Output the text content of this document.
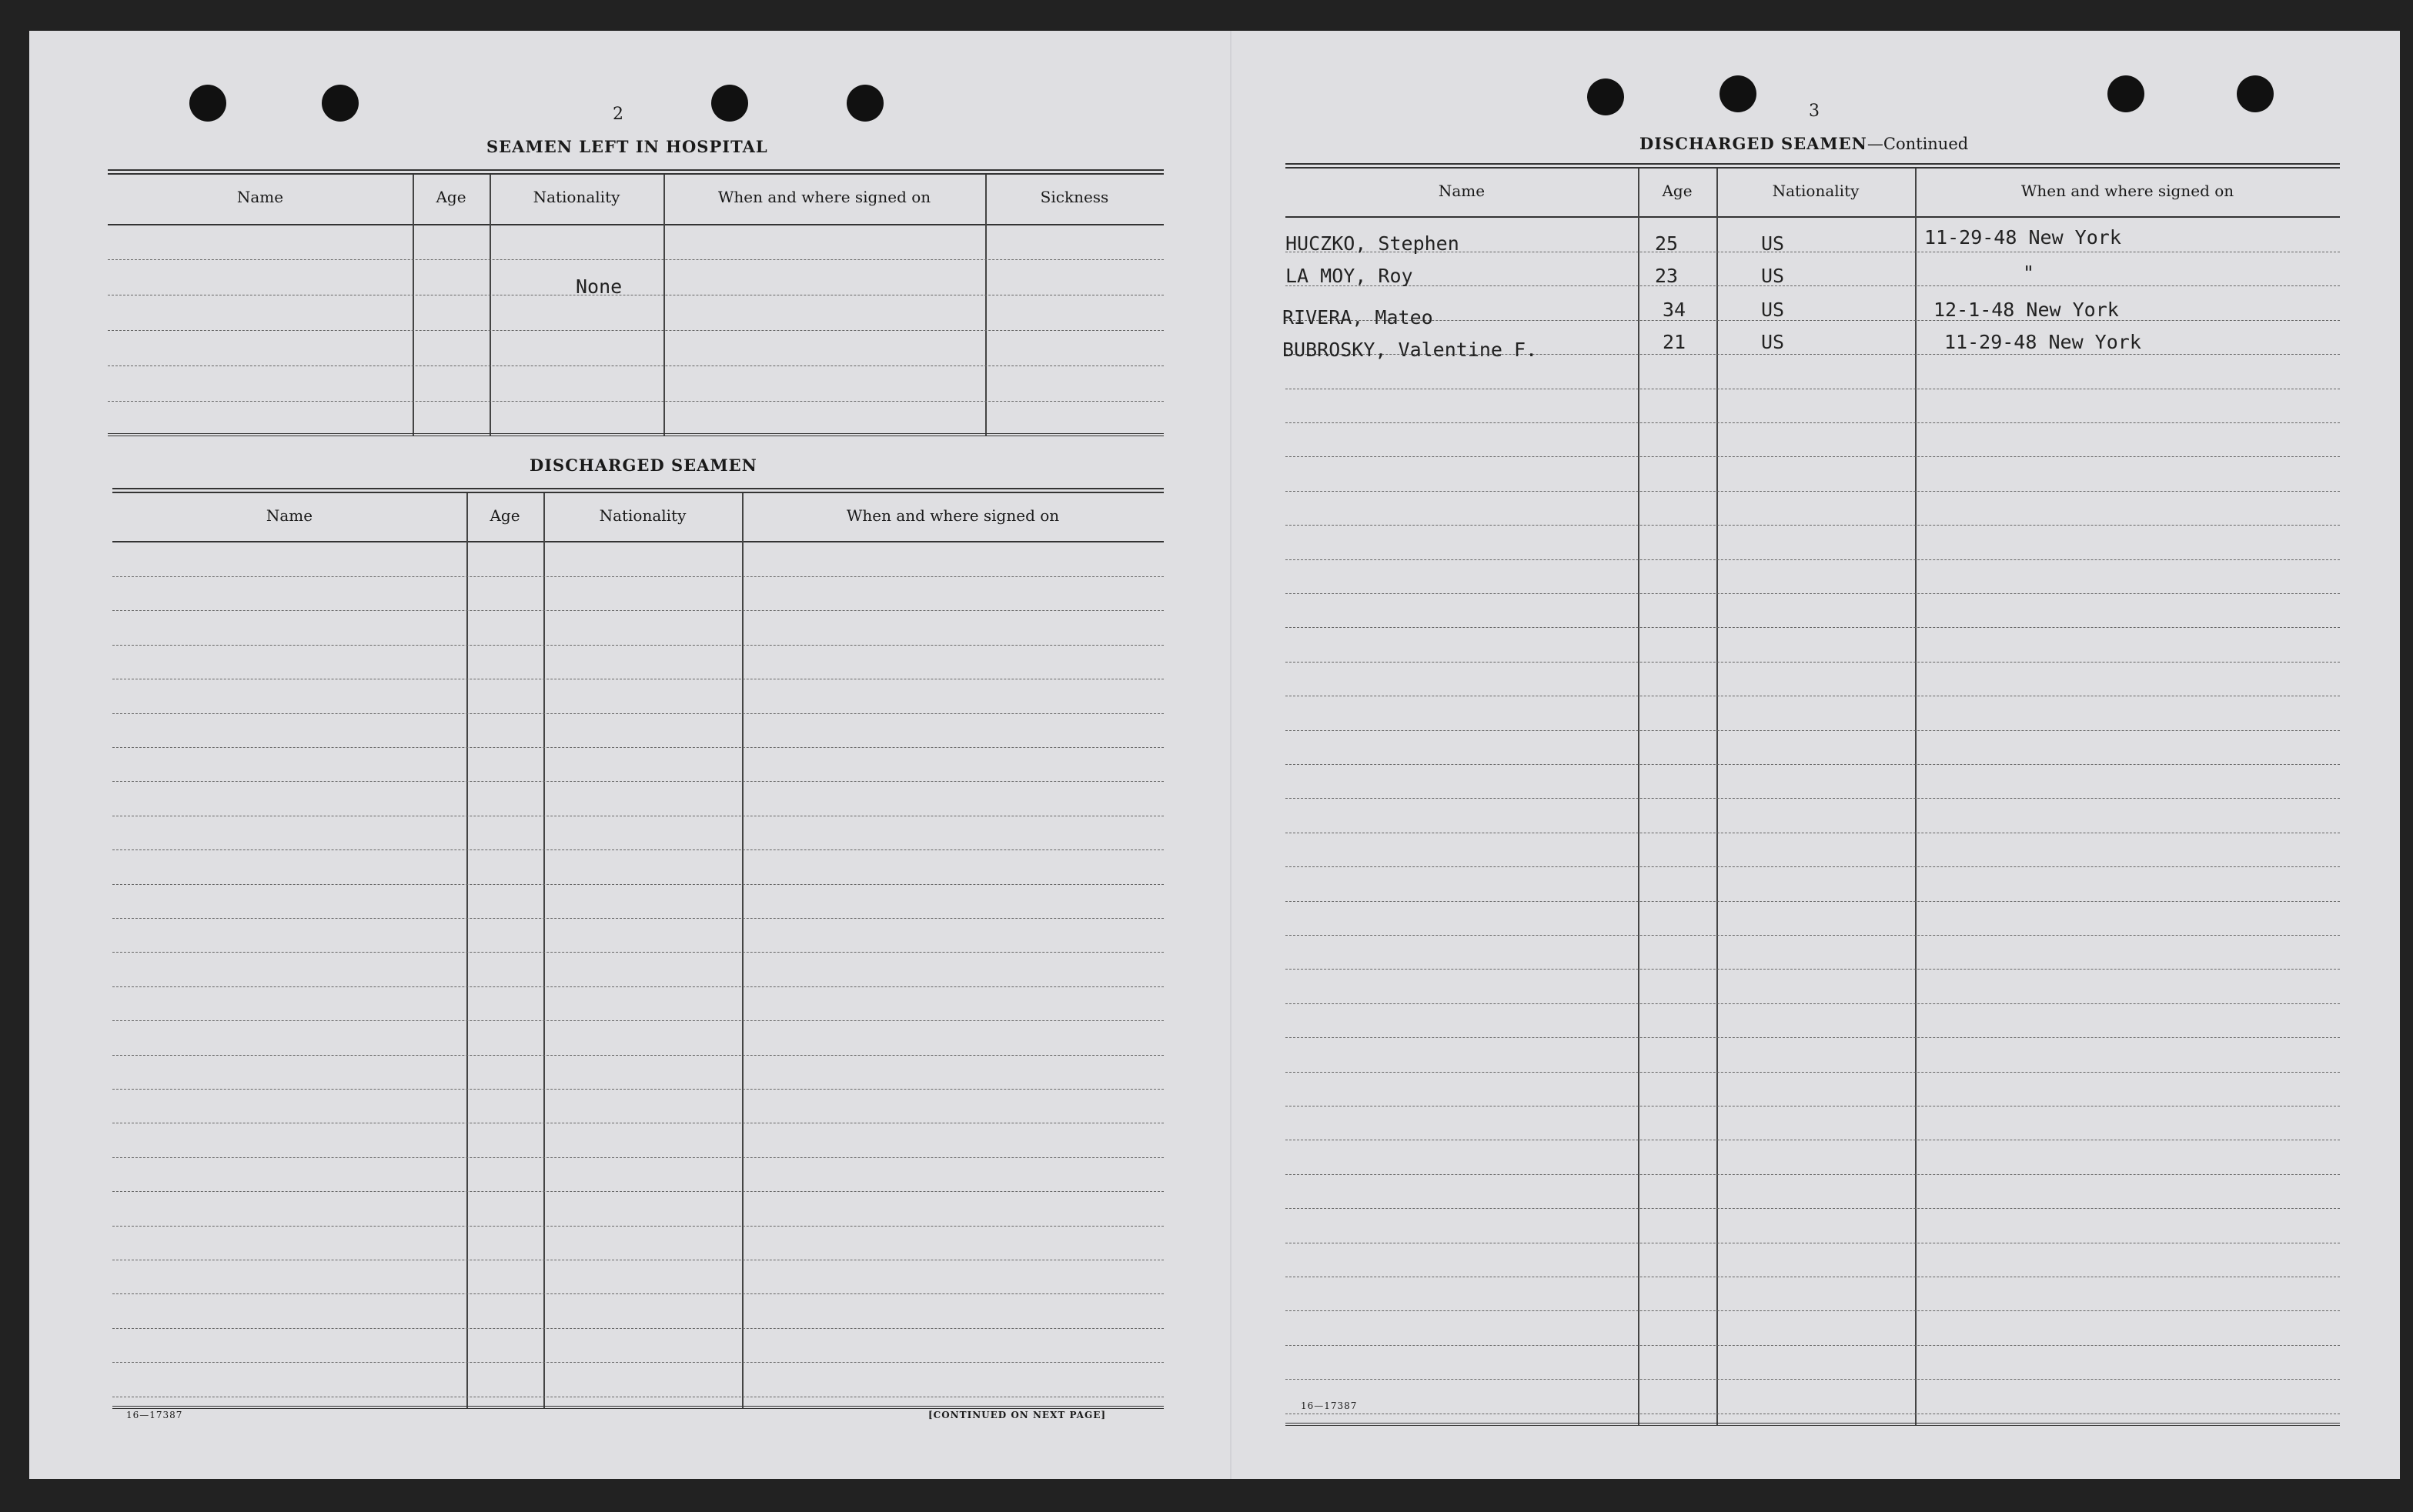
2
SEAMEN LEFT IN HOSPITAL
Name	Age	Nationality	When and where signed on	Sickness
None
DISCHARGED SEAMEN
Name	Age	Nationality	When and where signed on
16—17387	[CONTINUED ON NEXT PAGE]
3
DISCHARGED SEAMEN—Continued
Name	Age	Nationality	When and where signed on
HUCZKO, Stephen	25	US	11-29-48 New York
LA MOY, Roy	23	US	"
RIVERA, Mateo	34	US	12-1-48 New York
BUBROSKY, Valentine F.	21	US	11-29-48 New York
16—17387
